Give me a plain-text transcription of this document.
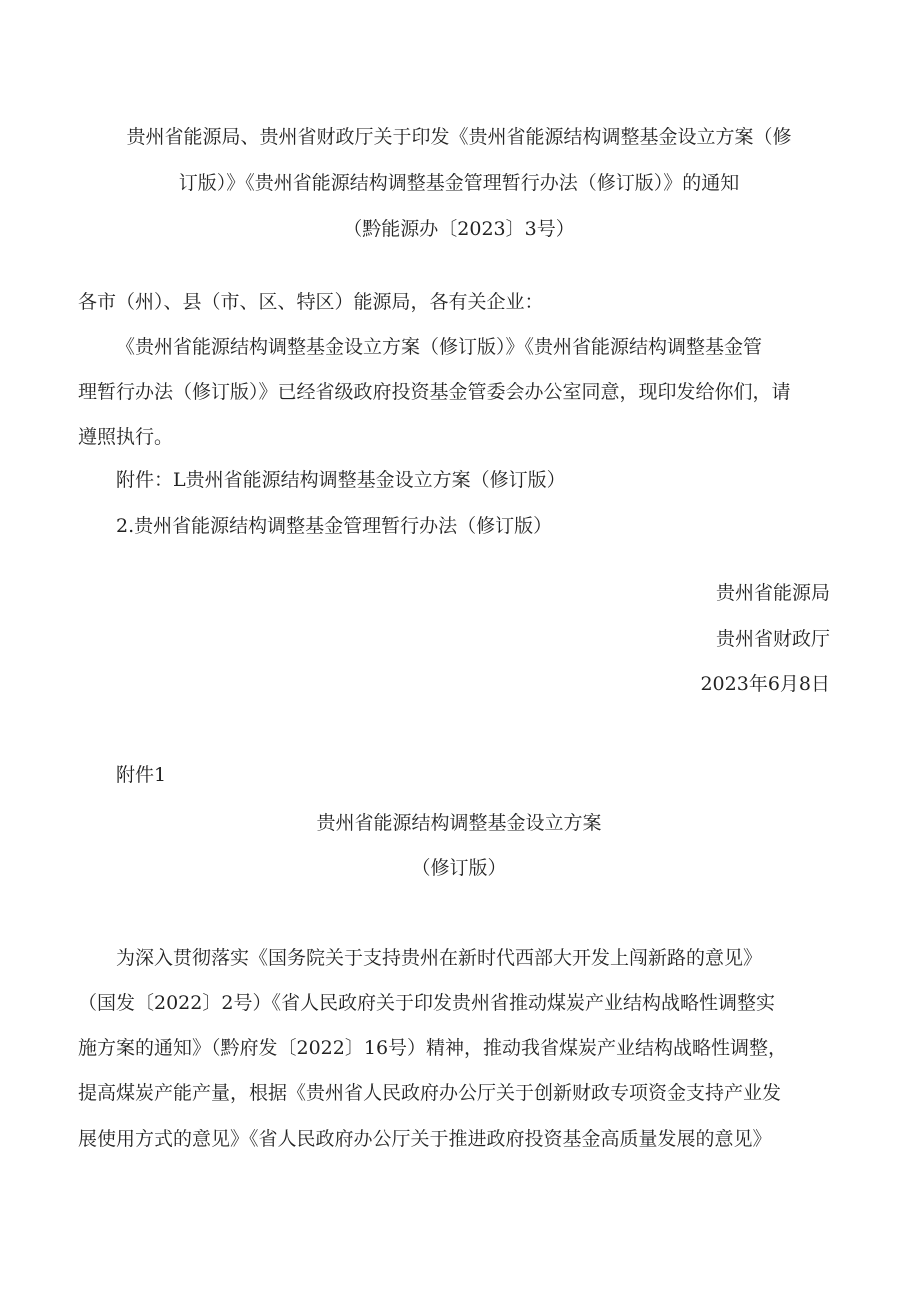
贵州省能源局、贵州省财政厅关于印发《贵州省能源结构调整基金设立方案（修
订版）》《贵州省能源结构调整基金管理暂行办法（修订版）》的通知
（黔能源办〔2023〕3号）
各市（州）、县（市、区、特区）能源局，各有关企业：
《贵州省能源结构调整基金设立方案（修订版）》《贵州省能源结构调整基金管
理暂行办法（修订版）》已经省级政府投资基金管委会办公室同意，现印发给你们，请
遵照执行。
附件：L贵州省能源结构调整基金设立方案（修订版）
2.贵州省能源结构调整基金管理暂行办法（修订版）
贵州省能源局
贵州省财政厅
2023年6月8日
附件1
贵州省能源结构调整基金设立方案
（修订版）
为深入贯彻落实《国务院关于支持贵州在新时代西部大开发上闯新路的意见》
（国发〔2022〕2号）《省人民政府关于印发贵州省推动煤炭产业结构战略性调整实
施方案的通知》（黔府发〔2022〕16号）精神，推动我省煤炭产业结构战略性调整，
提高煤炭产能产量，根据《贵州省人民政府办公厅关于创新财政专项资金支持产业发
展使用方式的意见》《省人民政府办公厅关于推进政府投资基金高质量发展的意见》
